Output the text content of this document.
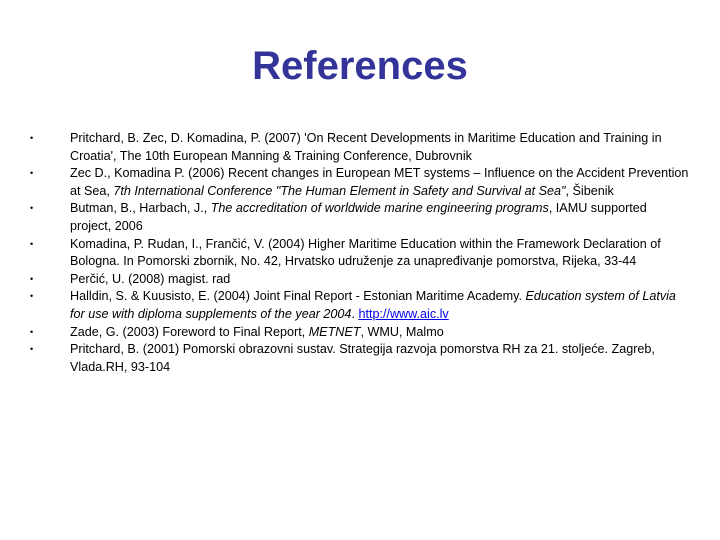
References
•	Pritchard, B. Zec, D. Komadina, P. (2007) 'On Recent Developments in Maritime Education and Training in Croatia', The 10th European Manning & Training Conference, Dubrovnik
•	Zec D., Komadina P. (2006) Recent changes in European MET systems – Influence on the Accident Prevention at Sea, 7th International Conference "The Human Element in Safety and Survival at Sea", Šibenik
•	Butman, B., Harbach, J., The accreditation of worldwide marine engineering programs, IAMU supported project, 2006
•	Komadina, P. Rudan, I., Frančić, V. (2004) Higher Maritime Education within the Framework Declaration of Bologna. In Pomorski zbornik, No. 42, Hrvatsko udruženje za unapređivanje pomorstva, Rijeka, 33-44
•	Perčić, U. (2008) magist. rad
•	Halldin, S. & Kuusisto, E. (2004) Joint Final Report - Estonian Maritime Academy. Education system of Latvia for use with diploma supplements of the year 2004. http://www.aic.lv
•	Zade, G. (2003) Foreword to Final Report, METNET, WMU, Malmo
•	Pritchard, B. (2001) Pomorski obrazovni sustav. Strategija razvoja pomorstva RH za 21. stoljeće. Zagreb, Vlada.RH, 93-104
